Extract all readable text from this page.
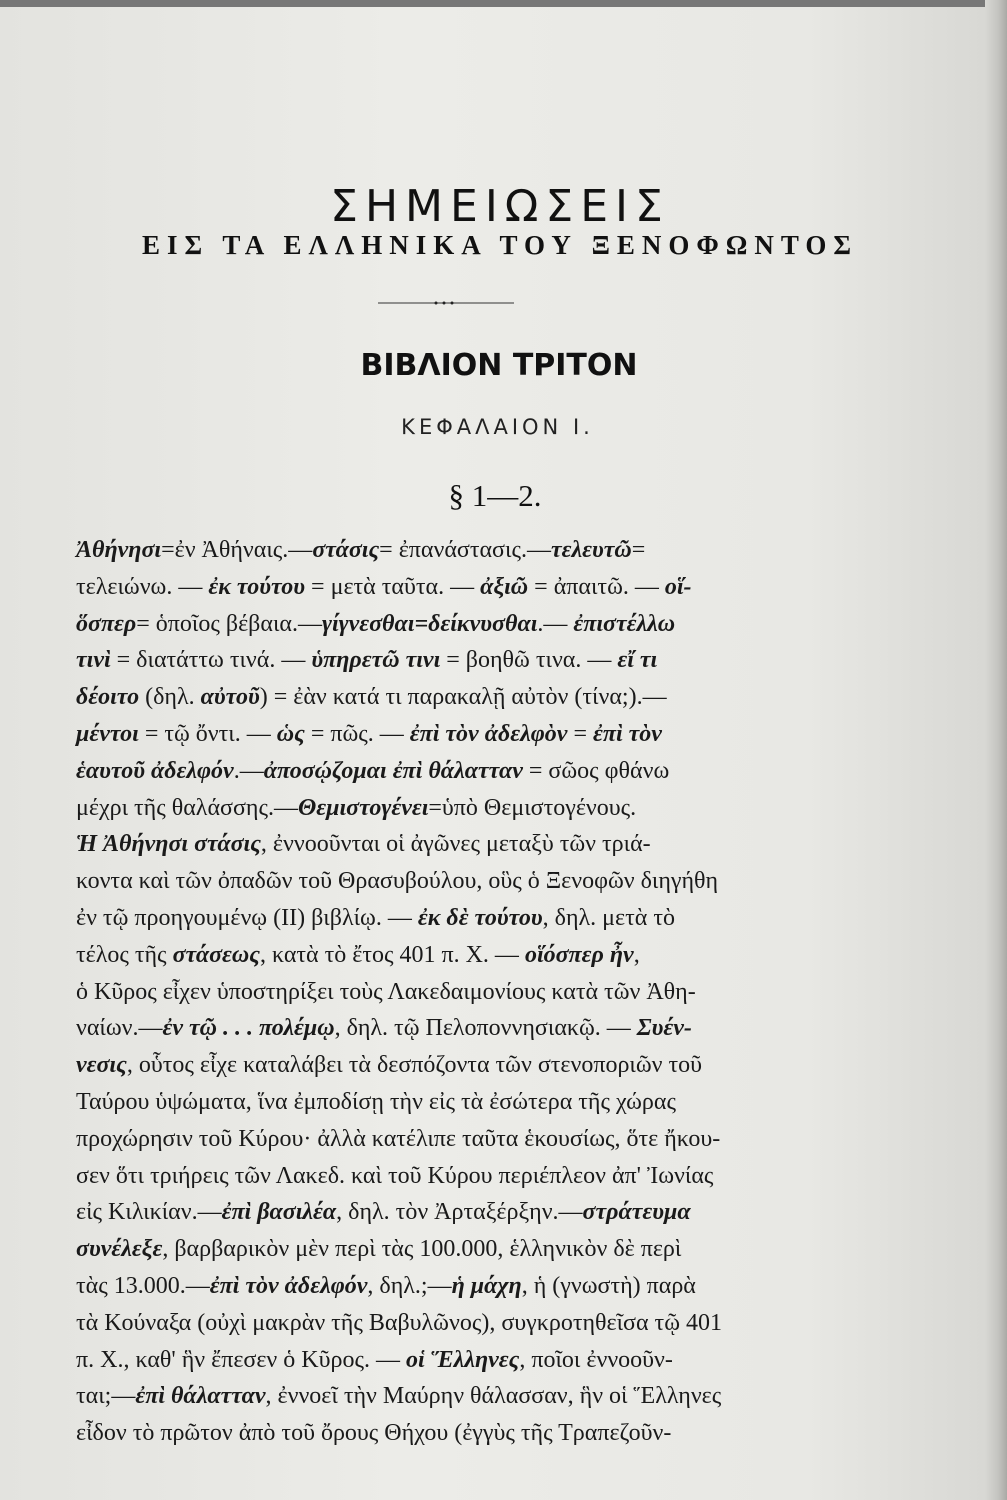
ΣΗΜΕΙΩΣΕΙΣ
ΕΙΣ ΤΑ ΕΛΛΗΝΙΚΑ ΤΟΥ ΞΕΝΟΦΩΝΤΟΣ
ΒΙΒΛΙΟΝ ΤΡΙΤΟΝ
ΚΕΦΑΛΑΙΟΝ Ι.
§ 1—2.
Ἀθήνησι=ἐν Ἀθήναις.—στάσις= ἐπανάστασις.—τελευτῶ=
τελειώνω. — ἐκ τούτου = μετὰ ταῦτα. — ἀξιῶ = ἀπαιτῶ. — οἵ-
ὅσπερ= ὁποῖος βέβαια.—γίγνεσθαι=δείκνυσθαι.— ἐπιστέλλω
τινὶ = διατάττω τινά. — ὑπηρετῶ τινι = βοηθῶ τινα. — εἴ τι
δέοιτο (δηλ. αὐτοῦ) = ἐὰν κατά τι παρακαλῇ αὐτὸν (τίνα;).—
μέντοι = τῷ ὄντι. — ὡς = πῶς. — ἐπὶ τὸν ἀδελφὸν = ἐπὶ τὸν
ἑαυτοῦ ἀδελφόν.—ἀποσῴζομαι ἐπὶ θάλατταν = σῶος φθάνω
μέχρι τῆς θαλάσσης.—Θεμιστογένει=ὑπὸ Θεμιστογένους.
Ἡ Ἀθήνησι στάσις, ἐννοοῦνται οἱ ἀγῶνες μεταξὺ τῶν τριά-
κοντα καὶ τῶν ὀπαδῶν τοῦ Θρασυβούλου, οὓς ὁ Ξενοφῶν διηγήθη
ἐν τῷ προηγουμένῳ (ΙΙ) βιβλίῳ. — ἐκ δὲ τούτου, δηλ. μετὰ τὸ
τέλος τῆς στάσεως, κατὰ τὸ ἔτος 401 π. Χ. — οἵόσπερ ἦν,
ὁ Κῦρος εἶχεν ὑποστηρίξει τοὺς Λακεδαιμονίους κατὰ τῶν Ἀθη-
ναίων.—ἐν τῷ . . . πολέμῳ, δηλ. τῷ Πελοποννησιακῷ. — Συέν-
νεσις, οὗτος εἶχε καταλάβει τὰ δεσπόζοντα τῶν στενοποριῶν τοῦ
Ταύρου ὑψώματα, ἵνα ἐμποδίσῃ τὴν εἰς τὰ ἐσώτερα τῆς χώρας
προχώρησιν τοῦ Κύρου· ἀλλὰ κατέλιπε ταῦτα ἑκουσίως, ὅτε ἤκου-
σεν ὅτι τριήρεις τῶν Λακεδ. καὶ τοῦ Κύρου περιέπλεον ἀπ' Ἰωνίας
εἰς Κιλικίαν.—ἐπὶ βασιλέα, δηλ. τὸν Ἀρταξέρξην.—στράτευμα
συνέλεξε, βαρβαρικὸν μὲν περὶ τὰς 100.000, ἑλληνικὸν δὲ περὶ
τὰς 13.000.—ἐπὶ τὸν ἀδελφόν, δηλ.;—ἡ μάχη, ἡ (γνωστὴ) παρὰ
τὰ Κούναξα (οὐχὶ μακρὰν τῆς Βαβυλῶνος), συγκροτηθεῖσα τῷ 401
π. Χ., καθ' ἣν ἔπεσεν ὁ Κῦρος. — οἱ Ἕλληνες, ποῖοι ἐννοοῦν-
ται;—ἐπὶ θάλατταν, ἐννοεῖ τὴν Μαύρην θάλασσαν, ἣν οἱ Ἕλληνες
εἶδον τὸ πρῶτον ἀπὸ τοῦ ὄρους Θήχου (ἐγγὺς τῆς Τραπεζοῦν-
